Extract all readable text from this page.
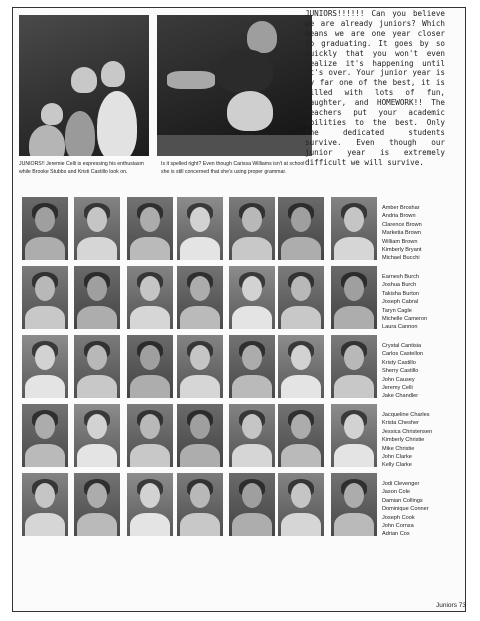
JUNIORS!! Jeremie Celli is expressing his enthusiasm while Brooke Stubbs and Kristi Castillo look on.
Is it spelled right? Even though Carissa Williams isn't at school she is still concerned that she's using proper grammar.
JUNIORS!!!!!! Can you believe we are already juniors? Which means we are one year closer to graduating. It goes by so quickly that you won't even realize it's happening until it's over. Your junior year is by far one of the best, it is filled with lots of fun, laughter, and HOMEWORK!! The teachers put your academic abilities to the best. Only the dedicated students survive. Even though our junior year is extremely difficult we will survive.
Amber Broshar
Andria Brown
Clarence Brown
Marketia Brown
William Brown
Kimberly Bryant
Michael Bucchi
Earnesh Burch
Joshua Burch
Takisha Burton
Joseph Cabral
Taryn Cagle
Michelle Cameron
Laura Cannon
Crystal Cantisia
Carlos Castellon
Kristy Castillo
Sherry Castillo
John Causey
Jeremy Celli
Jake Chandler
Jacqueline Charles
Krista Chesher
Jessica Christensen
Kimberly Christie
Mike Christie
John Clarke
Kelly Clarke
Jodi Clevenger
Jason Cole
Damian Collings
Dominique Conner
Joseph Cook
John Cornsa
Adrian Cox
Juniors 73
